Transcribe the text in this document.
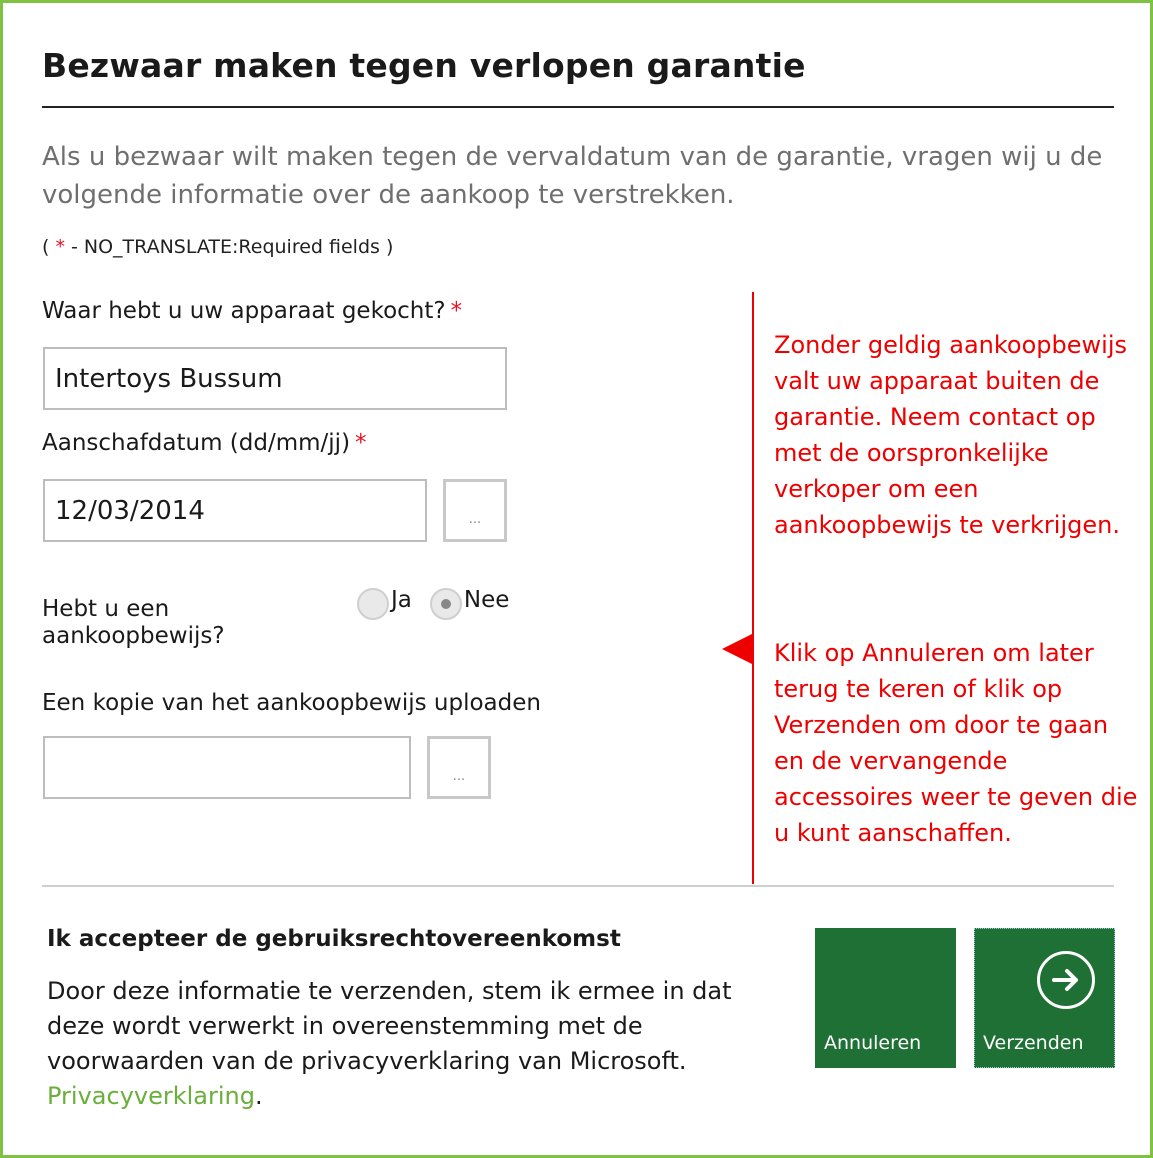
Bezwaar maken tegen verlopen garantie

Als u bezwaar wilt maken tegen de vervaldatum van de garantie, vragen wij u de volgende informatie over de aankoop te verstrekken.

( * - NO_TRANSLATE:Required fields )
Waar hebt u uw apparaat gekocht? *
Intertoys Bussum
Aanschafdatum (dd/mm/jj) *
12/03/2014
...
Hebt u een aankoopbewijs?
Ja Nee
Een kopie van het aankoopbewijs uploaden
...

Zonder geldig aankoopbewijs valt uw apparaat buiten de garantie. Neem contact op met de oorspronkelijke verkoper om een aankoopbewijs te verkrijgen.

Klik op Annuleren om later terug te keren of klik op Verzenden om door te gaan en de vervangende accessoires weer te geven die u kunt aanschaffen.

Ik accepteer de gebruiksrechtovereenkomst

Door deze informatie te verzenden, stem ik ermee in dat deze wordt verwerkt in overeenstemming met de voorwaarden van de privacyverklaring van Microsoft.
Privacyverklaring.

Annuleren	Verzenden
